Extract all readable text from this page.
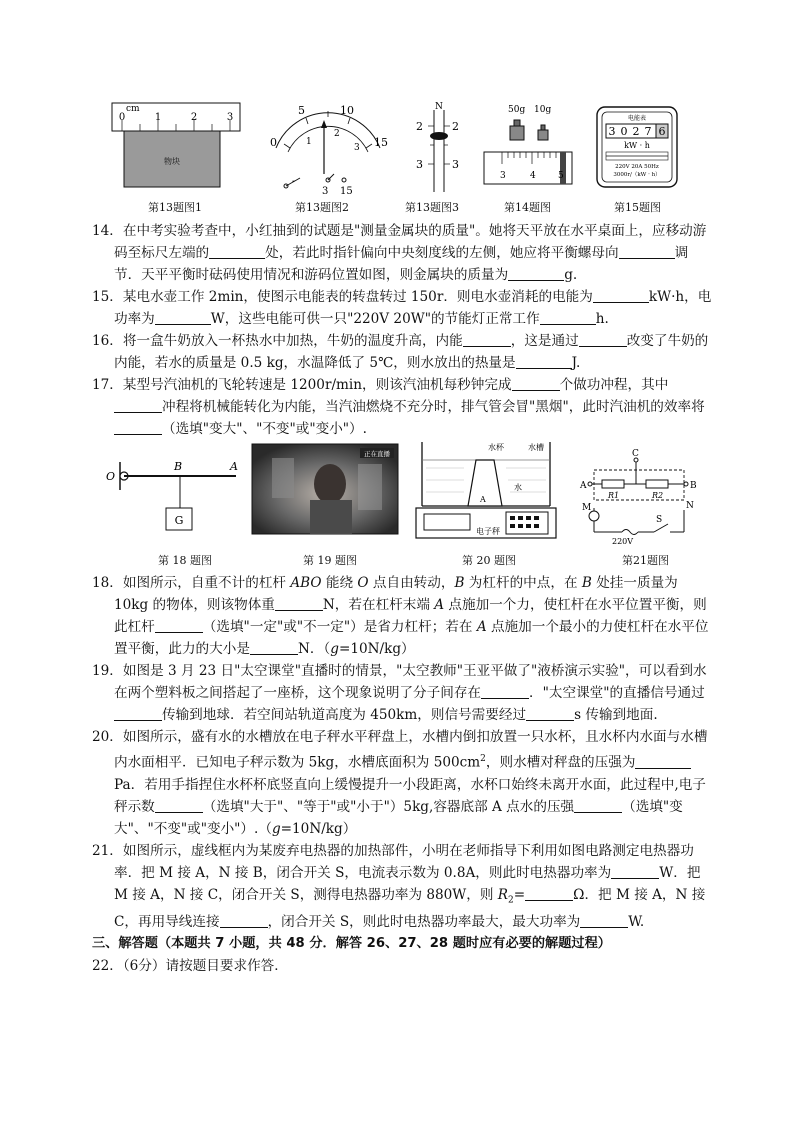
物块
cm
0	1	2	3
第13题图1
0
5	10
15
1
2
3
-
3 15
第13题图2
N
2
3
2
3
第13题图3
50g 10g
3	4 5
第14题图
电能表
3 0 2 7 6
kW · h
220V 20A 50Hz
3000r/（kW · h）
第15题图

14．在中考实验考查中，小红抽到的试题是"测量金属块的质量"。她将天平放在水平桌面上，应移动游码至标尺左端的	处，若此时指针偏向中央刻度线的左侧，她应将平衡螺母向	调节．天平平衡时砝码使用情况和游码位置如图，则金属块的质量为	g.

15．某电水壶工作 2min，使图示电能表的转盘转过 150r．则电水壶消耗的电能为	kW·h，电功率为	W，这些电能可供一只"220V 20W"的节能灯正常工作	h.

16．将一盒牛奶放入一杯热水中加热，牛奶的温度升高，内能	，这是通过	改变了牛奶的内能，若水的质量是 0.5 kg，水温降低了 5℃，则水放出的热量是	J.

17．某型号汽油机的飞轮转速是 1200r/min，则该汽油机每秒钟完成	个做功冲程，其中冲程将机械能转化为内能，当汽油燃烧不充分时，排气管会冒"黑烟"，此时汽油机的效率将（选填"变大"、"不变"或"变小"）.

O
B	A
G
第 18 题图
正在直播
第 19 题图
水杯	水槽
水
A
电子秤
第 20 题图
C
A	B
R1	R2
M	N
S
220V
第21题图

18．如图所示，自重不计的杠杆 ABO 能绕 O 点自由转动，B 为杠杆的中点，在 B 处挂一质量为 10kg 的物体，则该物体重	N，若在杠杆末端 A 点施加一个力，使杠杆在水平位置平衡，则此杠杆	（选填"一定"或"不一定"）是省力杠杆；若在 A 点施加一个最小的力使杠杆在水平位置平衡，此力的大小是	N．（g=10N/kg）

19．如图是 3 月 23 日"太空课堂"直播时的情景，"太空教师"王亚平做了"液桥演示实验"，可以看到水在两个塑料板之间搭起了一座桥，这个现象说明了分子间存在	．"太空课堂"的直播信号通过传输到地球．若空间站轨道高度为 450km，则信号需要经过	s 传输到地面.

20．如图所示，盛有水的水槽放在电子秤水平秤盘上，水槽内倒扣放置一只水杯，且水杯内水面与水槽内水面相平．已知电子秤示数为 5kg，水槽底面积为 $500cm^2$，则水槽对秤盘的压强为Pa．若用手指捏住水杯杯底竖直向上缓慢提升一小段距离，水杯口始终未离开水面，此过程中,电子秤示数	（选填"大于"、"等于"或"小于"）5kg,容器底部 A 点水的压强	（选填"变大"、"不变"或"变小"）.（g=10N/kg）

21．如图所示，虚线框内为某废弃电热器的加热部件，小明在老师指导下利用如图电路测定电热器功率．把 M 接 A，N 接 B，闭合开关 S，电流表示数为 0.8A，则此时电热器功率为	W．把 M 接 A，N 接 C，闭合开关 S，测得电热器功率为 880W，则 $R_2=$	Ω．把 M 接 A，N 接 C，再用导线连接	，闭合开关 S，则此时电热器功率最大，最大功率为	W.

三、解答题（本题共 7 小题，共 48 分．解答 26、27、28 题时应有必要的解题过程）

22．（6分）请按题目要求作答．
